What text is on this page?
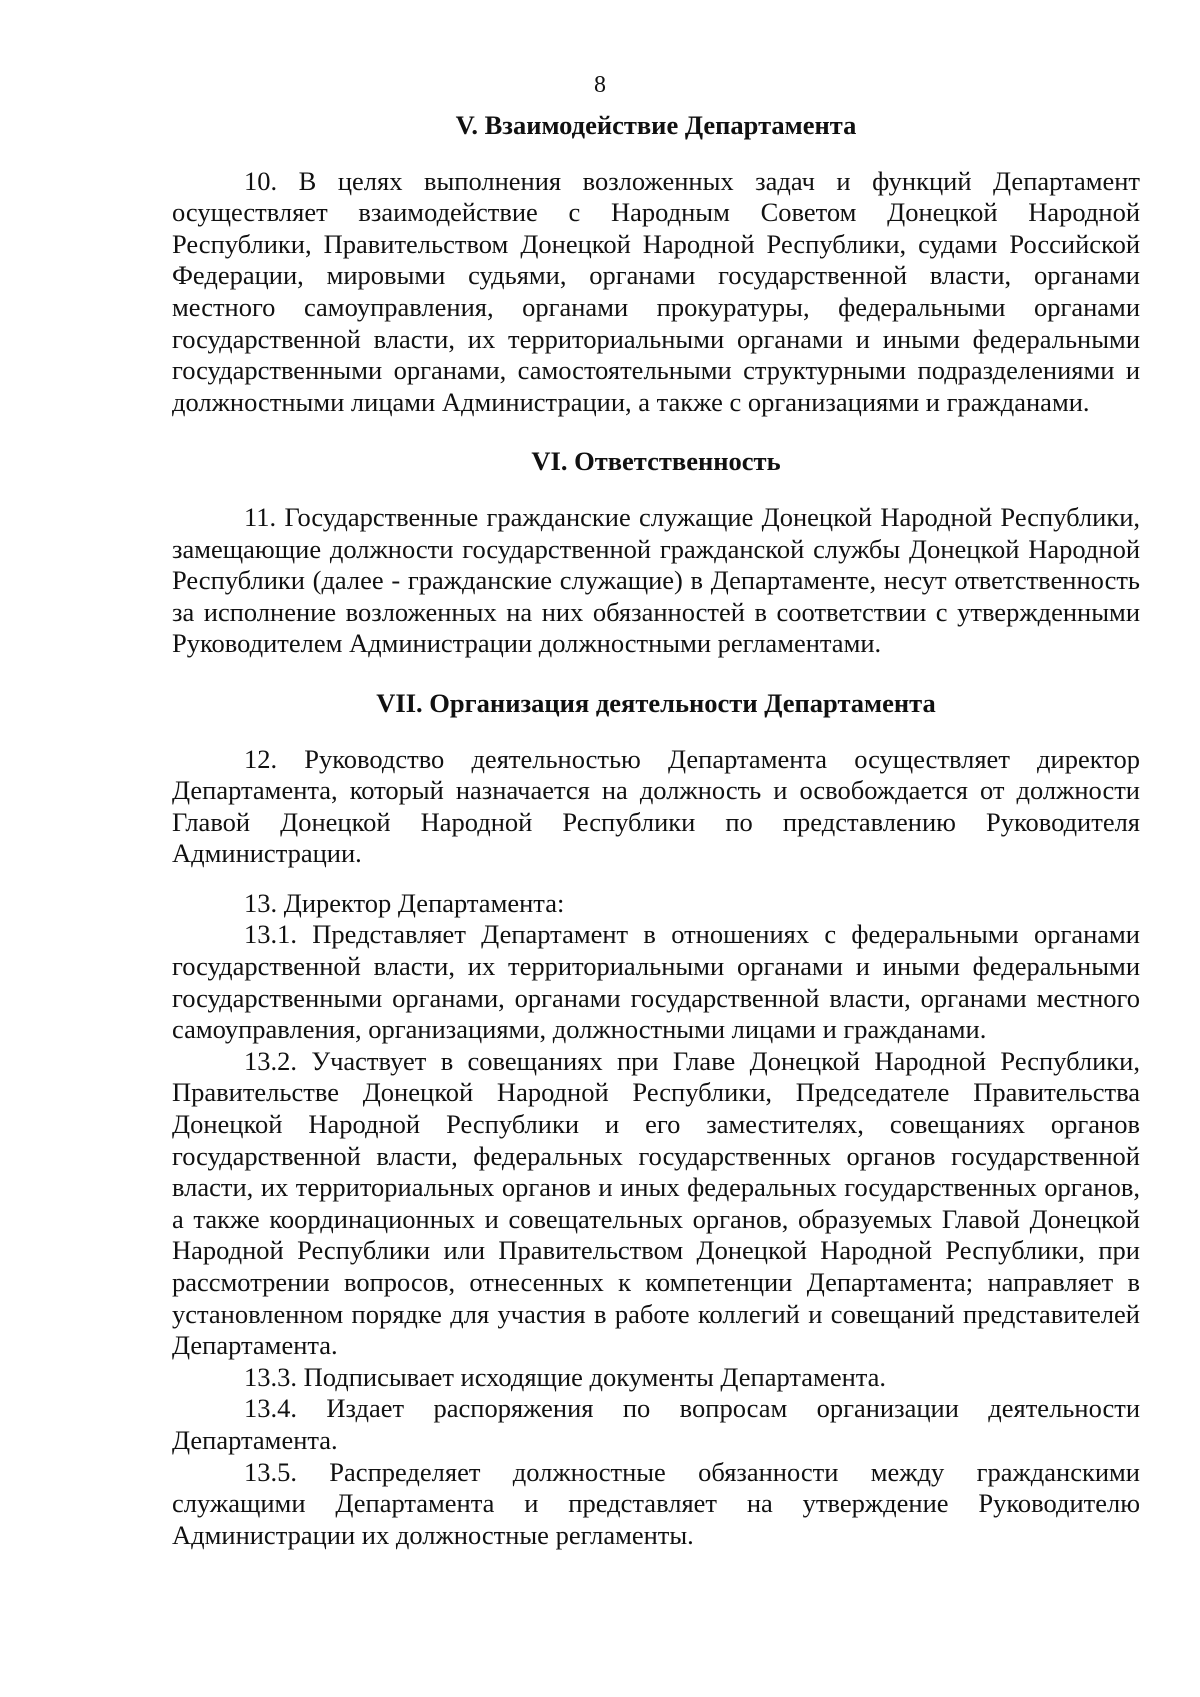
8
V. Взаимодействие Департамента

10. В целях выполнения возложенных задач и функций Департамент осуществляет взаимодействие с Народным Советом Донецкой Народной Республики, Правительством Донецкой Народной Республики, судами Российской Федерации, мировыми судьями, органами государственной власти, органами местного самоуправления, органами прокуратуры, федеральными органами государственной власти, их территориальными органами и иными федеральными государственными органами, самостоятельными структурными подразделениями и должностными лицами Администрации, а также с организациями и гражданами.

VI. Ответственность

11. Государственные гражданские служащие Донецкой Народной Республики, замещающие должности государственной гражданской службы Донецкой Народной Республики (далее - гражданские служащие) в Департаменте, несут ответственность за исполнение возложенных на них обязанностей в соответствии с утвержденными Руководителем Администрации должностными регламентами.

VII. Организация деятельности Департамента

12. Руководство деятельностью Департамента осуществляет директор Департамента, который назначается на должность и освобождается от должности Главой Донецкой Народной Республики по представлению Руководителя Администрации.

13. Директор Департамента:

13.1. Представляет Департамент в отношениях с федеральными органами государственной власти, их территориальными органами и иными федеральными государственными органами, органами государственной власти, органами местного самоуправления, организациями, должностными лицами и гражданами.

13.2. Участвует в совещаниях при Главе Донецкой Народной Республики, Правительстве Донецкой Народной Республики, Председателе Правительства Донецкой Народной Республики и его заместителях, совещаниях органов государственной власти, федеральных государственных органов государственной власти, их территориальных органов и иных федеральных государственных органов, а также координационных и совещательных органов, образуемых Главой Донецкой Народной Республики или Правительством Донецкой Народной Республики, при рассмотрении вопросов, отнесенных к компетенции Департамента; направляет в установленном порядке для участия в работе коллегий и совещаний представителей Департамента.

13.3. Подписывает исходящие документы Департамента.

13.4. Издает распоряжения по вопросам организации деятельности Департамента.

13.5. Распределяет должностные обязанности между гражданскими служащими Департамента и представляет на утверждение Руководителю Администрации их должностные регламенты.
